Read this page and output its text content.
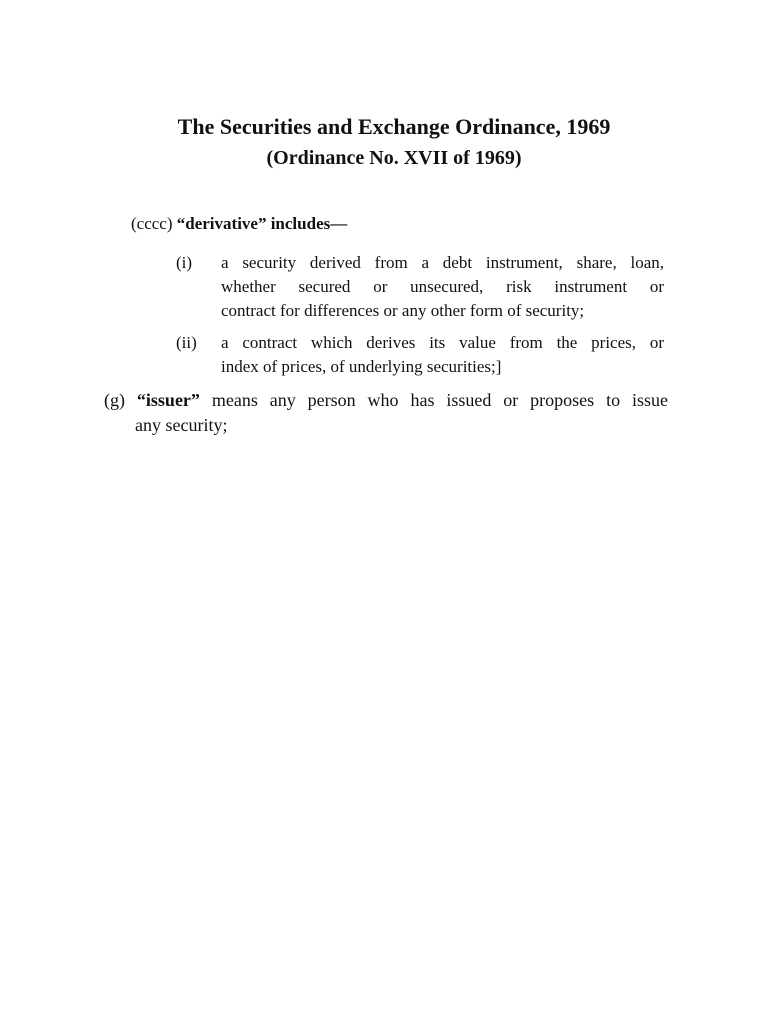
The Securities and Exchange Ordinance, 1969
(Ordinance No. XVII of 1969)
(cccc) “derivative” includes—
(i) a security derived from a debt instrument, share, loan,
whether secured or unsecured, risk instrument or
contract for differences or any other form of security;
(ii) a contract which derives its value from the prices, or
index of prices, of underlying securities;]
(g) “issuer” means any person who has issued or proposes to issue
any security;
